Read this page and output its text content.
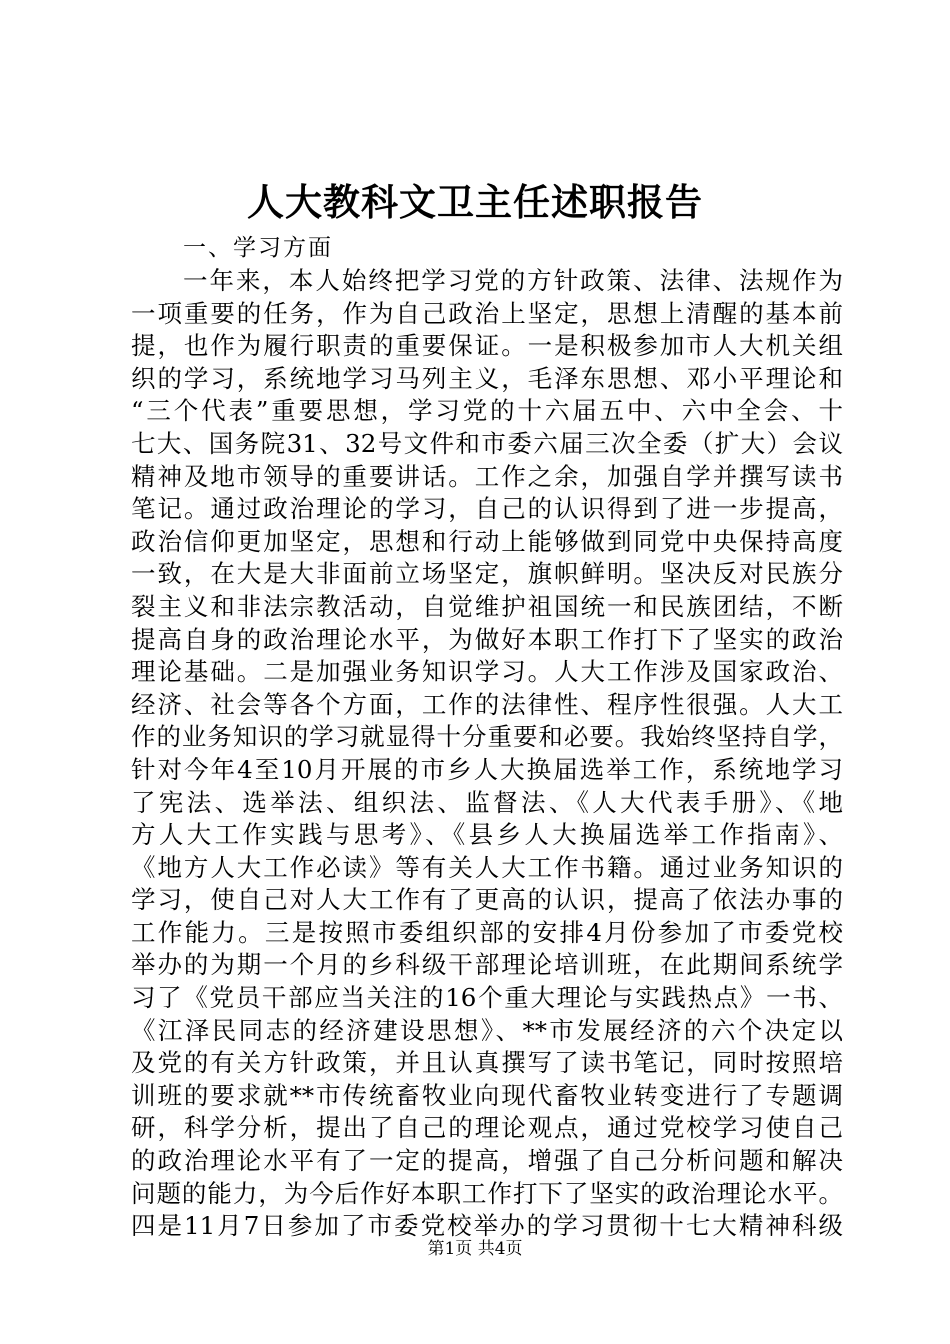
人大教科文卫主任述职报告
一、学习方面
一年来，本人始终把学习党的方针政策、法律、法规作为
一项重要的任务，作为自己政治上坚定，思想上清醒的基本前
提，也作为履行职责的重要保证。一是积极参加市人大机关组
织的学习，系统地学习马列主义，毛泽东思想、邓小平理论和
“三个代表”重要思想，学习党的十六届五中、六中全会、十
七大、国务院31、32号文件和市委六届三次全委（扩大）会议
精神及地市领导的重要讲话。工作之余，加强自学并撰写读书
笔记。通过政治理论的学习，自己的认识得到了进一步提高，
政治信仰更加坚定，思想和行动上能够做到同党中央保持高度
一致，在大是大非面前立场坚定，旗帜鲜明。坚决反对民族分
裂主义和非法宗教活动，自觉维护祖国统一和民族团结，不断
提高自身的政治理论水平，为做好本职工作打下了坚实的政治
理论基础。二是加强业务知识学习。人大工作涉及国家政治、
经济、社会等各个方面，工作的法律性、程序性很强。人大工
作的业务知识的学习就显得十分重要和必要。我始终坚持自学，
针对今年4至10月开展的市乡人大换届选举工作，系统地学习
了宪法、选举法、组织法、监督法、《人大代表手册》、《地
方人大工作实践与思考》、《县乡人大换届选举工作指南》、
《地方人大工作必读》等有关人大工作书籍。通过业务知识的
学习，使自己对人大工作有了更高的认识，提高了依法办事的
工作能力。三是按照市委组织部的安排4月份参加了市委党校
举办的为期一个月的乡科级干部理论培训班，在此期间系统学
习了《党员干部应当关注的16个重大理论与实践热点》一书、
《江泽民同志的经济建设思想》、**市发展经济的六个决定以
及党的有关方针政策，并且认真撰写了读书笔记，同时按照培
训班的要求就**市传统畜牧业向现代畜牧业转变进行了专题调
研，科学分析，提出了自己的理论观点，通过党校学习使自己
的政治理论水平有了一定的提高，增强了自己分析问题和解决
问题的能力，为今后作好本职工作打下了坚实的政治理论水平。
四是11月7日参加了市委党校举办的学习贯彻十七大精神科级
第1页 共4页
